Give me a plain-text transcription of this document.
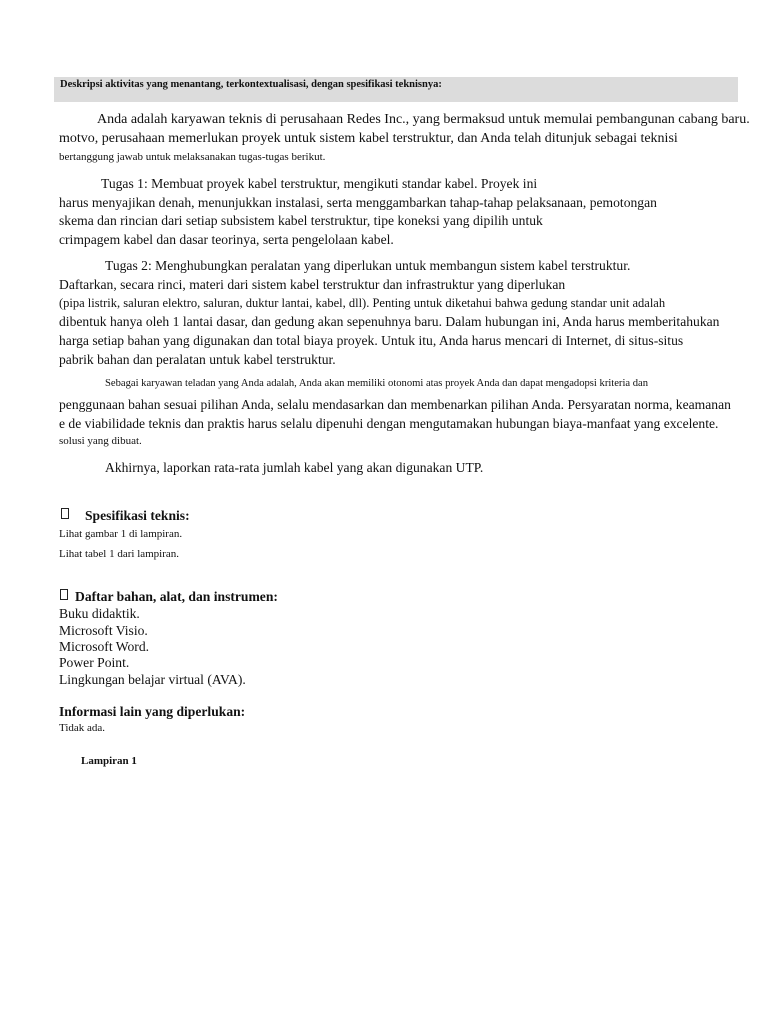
Deskripsi aktivitas yang menantang, terkontextualisasi, dengan spesifikasi teknisnya:

Anda adalah karyawan teknis di perusahaan Redes Inc., yang bermaksud untuk memulai pembangunan cabang baru.

motvo, perusahaan memerlukan proyek untuk sistem kabel terstruktur, dan Anda telah ditunjuk sebagai teknisi

bertanggung jawab untuk melaksanakan tugas-tugas berikut.

Tugas 1: Membuat proyek kabel terstruktur, mengikuti standar kabel. Proyek ini

harus menyajikan denah, menunjukkan instalasi, serta menggambarkan tahap-tahap pelaksanaan, pemotongan

skema dan rincian dari setiap subsistem kabel terstruktur, tipe koneksi yang dipilih untuk

crimpagem kabel dan dasar teorinya, serta pengelolaan kabel.

Tugas 2: Menghubungkan peralatan yang diperlukan untuk membangun sistem kabel terstruktur.

Daftarkan, secara rinci, materi dari sistem kabel terstruktur dan infrastruktur yang diperlukan

(pipa listrik, saluran elektro, saluran, duktur lantai, kabel, dll). Penting untuk diketahui bahwa gedung standar unit adalah

dibentuk hanya oleh 1 lantai dasar, dan gedung akan sepenuhnya baru. Dalam hubungan ini, Anda harus memberitahukan

harga setiap bahan yang digunakan dan total biaya proyek. Untuk itu, Anda harus mencari di Internet, di situs-situs

pabrik bahan dan peralatan untuk kabel terstruktur.

Sebagai karyawan teladan yang Anda adalah, Anda akan memiliki otonomi atas proyek Anda dan dapat mengadopsi kriteria dan

penggunaan bahan sesuai pilihan Anda, selalu mendasarkan dan membenarkan pilihan Anda. Persyaratan norma, keamanan

e de viabilidade teknis dan praktis harus selalu dipenuhi dengan mengutamakan hubungan biaya-manfaat yang excelente.

solusi yang dibuat.

Akhirnya, laporkan rata-rata jumlah kabel yang akan digunakan UTP.

Spesifikasi teknis:

Lihat gambar 1 di lampiran.

Lihat tabel 1 dari lampiran.

Daftar bahan, alat, dan instrumen:

Buku didaktik.

Microsoft Visio.

Microsoft Word.

Power Point.

Lingkungan belajar virtual (AVA).

Informasi lain yang diperlukan:

Tidak ada.

Lampiran 1
